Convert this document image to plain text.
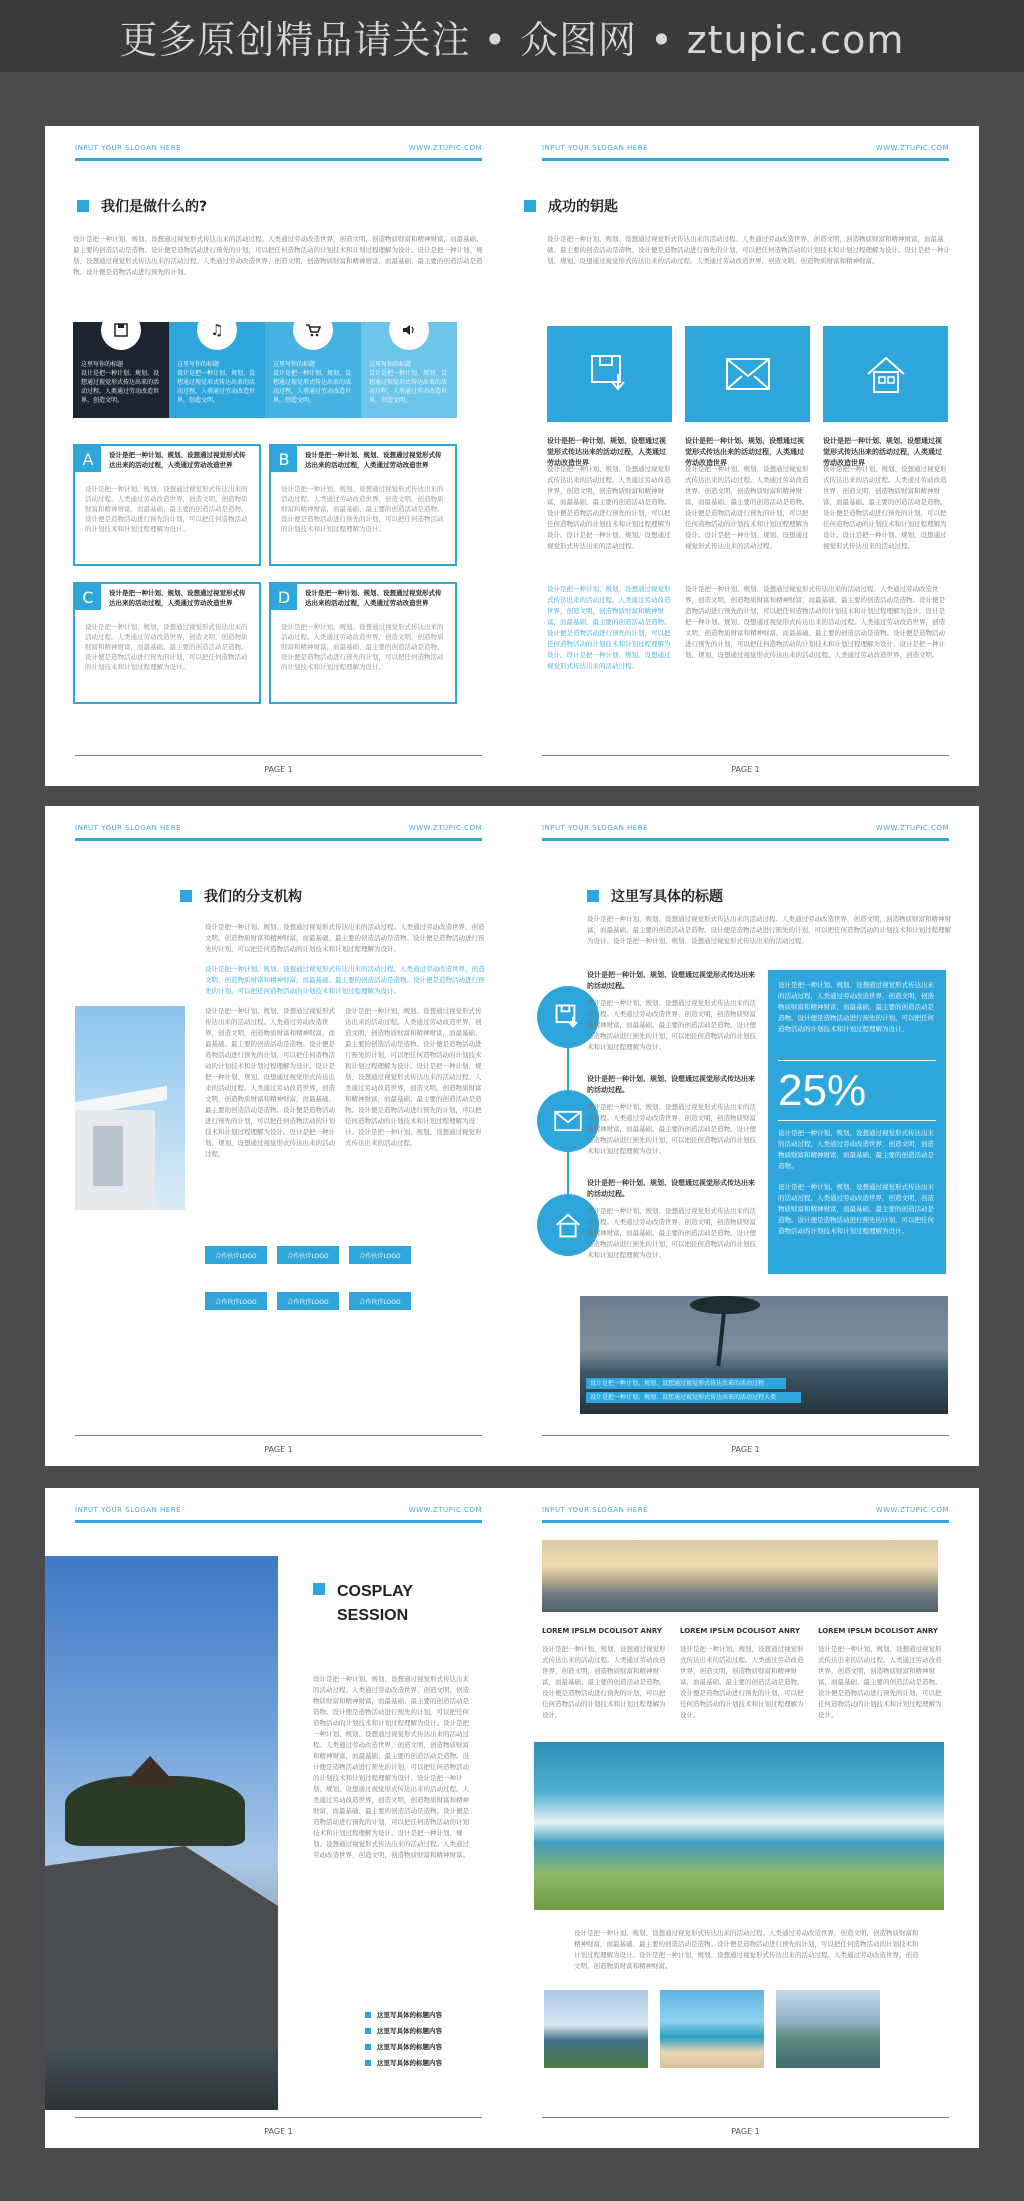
更多原创精品请关注 • 众图网 • ztupic.com
INPUT YOUR SLOGAN HERE	WWW.ZTUPIC.COM
我们是做什么的?
设计是把一种计划、规划、设想通过视觉形式传达出来的活动过程。人类通过劳动改造世界，创造文明，创造物质财富和精神财富，而最基础、最主要的创造活动是造物。设计便是造物活动进行预先的计划，可以把任何造物活动的计划技术和计划过程理解为设计。设计是把一种计划、规划、设想通过视觉形式传达出来的活动过程。人类通过劳动改造世界，创造文明，创造物质财富和精神财富，而最基础、最主要的创造活动是造物。设计便是造物活动进行预先的计划。
这里写你的标题
设计是把一种计划、规划、设想通过视觉形式传达出来的活动过程，人类通过劳动改造世界，创造文明。
♫
这里写你的标题
设计是把一种计划、规划、设想通过视觉形式传达出来的活动过程，人类通过劳动改造世界，创造文明。
这里写你的标题
设计是把一种计划、规划、设想通过视觉形式传达出来的活动过程，人类通过劳动改造世界，创造文明。
这里写你的标题
设计是把一种计划、规划、设想通过视觉形式传达出来的活动过程，人类通过劳动改造世界，创造文明。
A	设计是把一种计划、规划、设想通过视觉形式传达出来的活动过程，人类通过劳动改造世界
设计是把一种计划、规划、设想通过视觉形式传达出来的活动过程。人类通过劳动改造世界，创造文明，创造物质财富和精神财富，而最基础、最主要的创造活动是造物。设计便是造物活动进行预先的计划，可以把任何造物活动的计划技术和计划过程理解为设计。
B	设计是把一种计划、规划、设想通过视觉形式传达出来的活动过程，人类通过劳动改造世界
设计是把一种计划、规划、设想通过视觉形式传达出来的活动过程。人类通过劳动改造世界，创造文明，创造物质财富和精神财富，而最基础、最主要的创造活动是造物。设计便是造物活动进行预先的计划，可以把任何造物活动的计划技术和计划过程理解为设计。
C	设计是把一种计划、规划、设想通过视觉形式传达出来的活动过程，人类通过劳动改造世界
设计是把一种计划、规划、设想通过视觉形式传达出来的活动过程。人类通过劳动改造世界，创造文明，创造物质财富和精神财富，而最基础、最主要的创造活动是造物。设计便是造物活动进行预先的计划，可以把任何造物活动的计划技术和计划过程理解为设计。
D	设计是把一种计划、规划、设想通过视觉形式传达出来的活动过程，人类通过劳动改造世界
设计是把一种计划、规划、设想通过视觉形式传达出来的活动过程。人类通过劳动改造世界，创造文明，创造物质财富和精神财富，而最基础、最主要的创造活动是造物。设计便是造物活动进行预先的计划，可以把任何造物活动的计划技术和计划过程理解为设计。
PAGE 1
INPUT YOUR SLOGAN HERE	WWW.ZTUPIC.COM
成功的钥匙
设计是把一种计划、规划、设想通过视觉形式传达出来的活动过程。人类通过劳动改造世界，创造文明，创造物质财富和精神财富，而最基础、最主要的创造活动是造物。设计便是造物活动进行预先的计划，可以把任何造物活动的计划技术和计划过程理解为设计。设计是把一种计划、规划、设想通过视觉形式传达出来的活动过程。人类通过劳动改造世界，创造文明，创造物质财富和精神财富。
设计是把一种计划、规划、设想通过视觉形式传达出来的活动过程，人类通过劳动改造世界
设计是把一种计划、规划、设想通过视觉形式传达出来的活动过程。人类通过劳动改造世界，创造文明，创造物质财富和精神财富，而最基础、最主要的创造活动是造物。设计便是造物活动进行预先的计划，可以把任何造物活动的计划技术和计划过程理解为设计。设计是把一种计划、规划、设想通过视觉形式传达出来的活动过程。
设计是把一种计划、规划、设想通过视觉形式传达出来的活动过程，人类通过劳动改造世界
设计是把一种计划、规划、设想通过视觉形式传达出来的活动过程。人类通过劳动改造世界，创造文明，创造物质财富和精神财富，而最基础、最主要的创造活动是造物。设计便是造物活动进行预先的计划，可以把任何造物活动的计划技术和计划过程理解为设计。设计是把一种计划、规划、设想通过视觉形式传达出来的活动过程。
设计是把一种计划、规划、设想通过视觉形式传达出来的活动过程，人类通过劳动改造世界
设计是把一种计划、规划、设想通过视觉形式传达出来的活动过程。人类通过劳动改造世界，创造文明，创造物质财富和精神财富，而最基础、最主要的创造活动是造物。设计便是造物活动进行预先的计划，可以把任何造物活动的计划技术和计划过程理解为设计。设计是把一种计划、规划、设想通过视觉形式传达出来的活动过程。
设计是把一种计划、规划、设想通过视觉形式传达出来的活动过程。人类通过劳动改造世界，创造文明，创造物质财富和精神财富，而最基础、最主要的创造活动是造物。设计便是造物活动进行预先的计划，可以把任何造物活动的计划技术和计划过程理解为设计。设计是把一种计划、规划、设想通过视觉形式传达出来的活动过程。
设计是把一种计划、规划、设想通过视觉形式传达出来的活动过程。人类通过劳动改造世界，创造文明，创造物质财富和精神财富，而最基础、最主要的创造活动是造物。设计便是造物活动进行预先的计划，可以把任何造物活动的计划技术和计划过程理解为设计。设计是把一种计划、规划、设想通过视觉形式传达出来的活动过程。人类通过劳动改造世界，创造文明，创造物质财富和精神财富，而最基础、最主要的创造活动是造物。设计便是造物活动进行预先的计划，可以把任何造物活动的计划技术和计划过程理解为设计。设计是把一种计划、规划、设想通过视觉形式传达出来的活动过程。人类通过劳动改造世界，创造文明。
PAGE 1
INPUT YOUR SLOGAN HERE	WWW.ZTUPIC.COM
我们的分支机构
设计是把一种计划、规划、设想通过视觉形式传达出来的活动过程。人类通过劳动改造世界，创造文明，创造物质财富和精神财富，而最基础、最主要的创造活动是造物。设计便是造物活动进行预先的计划，可以把任何造物活动的计划技术和计划过程理解为设计。
设计是把一种计划、规划、设想通过视觉形式传达出来的活动过程。人类通过劳动改造世界，创造文明，创造物质财富和精神财富，而最基础、最主要的创造活动是造物。设计便是造物活动进行预先的计划，可以把任何造物活动的计划技术和计划过程理解为设计。
设计是把一种计划、规划、设想通过视觉形式传达出来的活动过程。人类通过劳动改造世界，创造文明，创造物质财富和精神财富，而最基础、最主要的创造活动是造物。设计便是造物活动进行预先的计划，可以把任何造物活动的计划技术和计划过程理解为设计。设计是把一种计划、规划、设想通过视觉形式传达出来的活动过程。人类通过劳动改造世界，创造文明，创造物质财富和精神财富，而最基础、最主要的创造活动是造物。设计便是造物活动进行预先的计划，可以把任何造物活动的计划技术和计划过程理解为设计。设计是把一种计划、规划、设想通过视觉形式传达出来的活动过程。
设计是把一种计划、规划、设想通过视觉形式传达出来的活动过程。人类通过劳动改造世界，创造文明，创造物质财富和精神财富，而最基础、最主要的创造活动是造物。设计便是造物活动进行预先的计划，可以把任何造物活动的计划技术和计划过程理解为设计。设计是把一种计划、规划、设想通过视觉形式传达出来的活动过程。人类通过劳动改造世界，创造文明，创造物质财富和精神财富，而最基础、最主要的创造活动是造物。设计便是造物活动进行预先的计划，可以把任何造物活动的计划技术和计划过程理解为设计。设计是把一种计划、规划、设想通过视觉形式传达出来的活动过程。
合作伙伴LOGO	合作伙伴LOGO	合作伙伴LOGO
合作伙伴LOGO	合作伙伴LOGO	合作伙伴LOGO
PAGE 1
INPUT YOUR SLOGAN HERE	WWW.ZTUPIC.COM
这里写具体的标题
设计是把一种计划、规划、设想通过视觉形式传达出来的活动过程。人类通过劳动改造世界，创造文明，创造物质财富和精神财富，而最基础、最主要的创造活动是造物。设计便是造物活动进行预先的计划，可以把任何造物活动的计划技术和计划过程理解为设计。设计是把一种计划、规划、设想通过视觉形式传达出来的活动过程。
设计是把一种计划、规划、设想通过视觉形式传达出来的活动过程。
设计是把一种计划、规划、设想通过视觉形式传达出来的活动过程。人类通过劳动改造世界，创造文明，创造物质财富和精神财富，而最基础、最主要的创造活动是造物。设计便是造物活动进行预先的计划，可以把任何造物活动的计划技术和计划过程理解为设计。
设计是把一种计划、规划、设想通过视觉形式传达出来的活动过程。
设计是把一种计划、规划、设想通过视觉形式传达出来的活动过程。人类通过劳动改造世界，创造文明，创造物质财富和精神财富，而最基础、最主要的创造活动是造物。设计便是造物活动进行预先的计划，可以把任何造物活动的计划技术和计划过程理解为设计。
设计是把一种计划、规划、设想通过视觉形式传达出来的活动过程。
设计是把一种计划、规划、设想通过视觉形式传达出来的活动过程。人类通过劳动改造世界，创造文明，创造物质财富和精神财富，而最基础、最主要的创造活动是造物。设计便是造物活动进行预先的计划，可以把任何造物活动的计划技术和计划过程理解为设计。
设计是把一种计划、规划、设想通过视觉形式传达出来的活动过程，人类通过劳动改造世界，创造文明，创造物质财富和精神财富，而最基础、最主要的创造活动是造物。设计便是造物活动进行预先的计划，可以把任何造物活动的计划技术和计划过程理解为设计。
25%
设计是把一种计划、规划、设想通过视觉形式传达出来的活动过程，人类通过劳动改造世界，创造文明，创造物质财富和精神财富，而最基础、最主要的创造活动是造物。
设计是把一种计划、规划、设想通过视觉形式传达出来的活动过程，人类通过劳动改造世界，创造文明，创造物质财富和精神财富，而最基础、最主要的创造活动是造物。设计便是造物活动进行预先的计划，可以把任何造物活动的计划技术和计划过程理解为设计。
设计是把一种计划、规划、设想通过视觉形式传达出来的活动过程
设计是把一种计划、规划、设想通过视觉形式传达出来的活动过程人类
PAGE 1
INPUT YOUR SLOGAN HERE	WWW.ZTUPIC.COM
COSPLAY
SESSION
设计是把一种计划、规划、设想通过视觉形式传达出来的活动过程。人类通过劳动改造世界，创造文明，创造物质财富和精神财富，而最基础、最主要的创造活动是造物。设计便是造物活动进行预先的计划，可以把任何造物活动的计划技术和计划过程理解为设计。设计是把一种计划、规划、设想通过视觉形式传达出来的活动过程。人类通过劳动改造世界，创造文明，创造物质财富和精神财富，而最基础、最主要的创造活动是造物。设计便是造物活动进行预先的计划，可以把任何造物活动的计划技术和计划过程理解为设计。设计是把一种计划、规划、设想通过视觉形式传达出来的活动过程。人类通过劳动改造世界，创造文明，创造物质财富和精神财富，而最基础、最主要的创造活动是造物。设计便是造物活动进行预先的计划，可以把任何造物活动的计划技术和计划过程理解为设计。设计是把一种计划、规划、设想通过视觉形式传达出来的活动过程。人类通过劳动改造世界，创造文明，创造物质财富和精神财富。
这里写具体的标题内容
这里写具体的标题内容
这里写具体的标题内容
这里写具体的标题内容
PAGE 1
INPUT YOUR SLOGAN HERE	WWW.ZTUPIC.COM
LOREM IPSLM DCOLISOT ANRY
设计是把一种计划、规划、设想通过视觉形式传达出来的活动过程。人类通过劳动改造世界，创造文明，创造物质财富和精神财富，而最基础、最主要的创造活动是造物。设计便是造物活动进行预先的计划，可以把任何造物活动的计划技术和计划过程理解为设计。
LOREM IPSLM DCOLISOT ANRY
设计是把一种计划、规划、设想通过视觉形式传达出来的活动过程。人类通过劳动改造世界，创造文明，创造物质财富和精神财富，而最基础、最主要的创造活动是造物。设计便是造物活动进行预先的计划，可以把任何造物活动的计划技术和计划过程理解为设计。
LOREM IPSLM DCOLISOT ANRY
设计是把一种计划、规划、设想通过视觉形式传达出来的活动过程。人类通过劳动改造世界，创造文明，创造物质财富和精神财富，而最基础、最主要的创造活动是造物。设计便是造物活动进行预先的计划，可以把任何造物活动的计划技术和计划过程理解为设计。
设计是把一种计划、规划、设想通过视觉形式传达出来的活动过程。人类通过劳动改造世界，创造文明，创造物质财富和精神财富，而最基础、最主要的创造活动是造物。设计便是造物活动进行预先的计划，可以把任何造物活动的计划技术和计划过程理解为设计。设计是把一种计划、规划、设想通过视觉形式传达出来的活动过程。人类通过劳动改造世界，创造文明，创造物质财富和精神财富。
PAGE 1
